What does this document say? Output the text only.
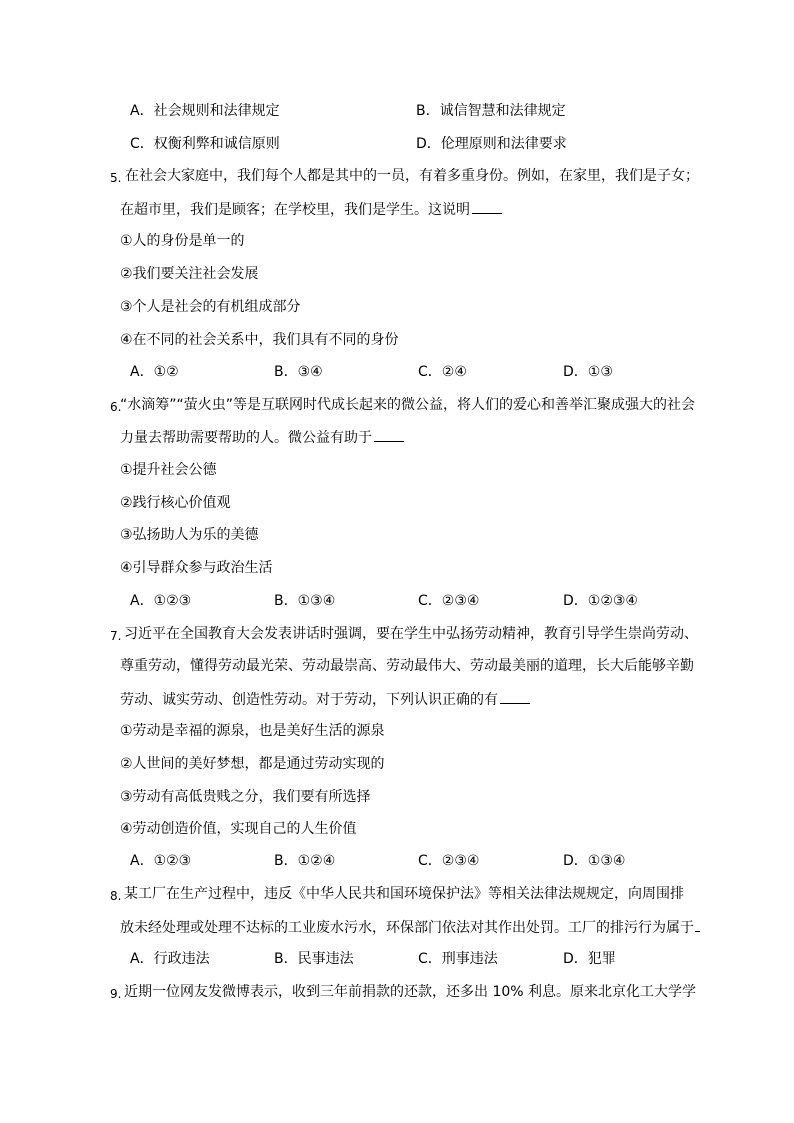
A．社会规则和法律规定	B．诚信智慧和法律规定
C．权衡利弊和诚信原则	D．伦理原则和法律要求
5. 在社会大家庭中，我们每个人都是其中的一员，有着多重身份。例如，在家里，我们是子女；
在超市里，我们是顾客；在学校里，我们是学生。这说明
①人的身份是单一的
②我们要关注社会发展
③个人是社会的有机组成部分
④在不同的社会关系中，我们具有不同的身份
A．①②	B．③④	C．②④	D．①③
6.
“水滴筹”“萤火虫”等是互联网时代成长起来的微公益，将人们的爱心和善举汇聚成强大的社会
力量去帮助需要帮助的人。微公益有助于
①提升社会公德
②践行核心价值观
③弘扬助人为乐的美德
④引导群众参与政治生活
A．①②③	B．①③④	C．②③④	D．①②③④
7. 习近平在全国教育大会发表讲话时强调，要在学生中弘扬劳动精神，教育引导学生崇尚劳动、
尊重劳动，懂得劳动最光荣、劳动最崇高、劳动最伟大、劳动最美丽的道理，长大后能够辛勤
劳动、诚实劳动、创造性劳动。对于劳动，下列认识正确的有
①劳动是幸福的源泉，也是美好生活的源泉
②人世间的美好梦想，都是通过劳动实现的
③劳动有高低贵贱之分，我们要有所选择
④劳动创造价值，实现自己的人生价值
A．①②③	B．①②④	C．②③④	D．①③④
8. 某工厂在生产过程中，违反《中华人民共和国环境保护法》等相关法律法规规定，向周围排
放未经处理或处理不达标的工业废水污水，环保部门依法对其作出处罚。工厂的排污行为属于
A．行政违法	B．民事违法	C．刑事违法	D．犯罪
9. 近期一位网友发微博表示，收到三年前捐款的还款，还多出 10% 利息。原来北京化工大学学
